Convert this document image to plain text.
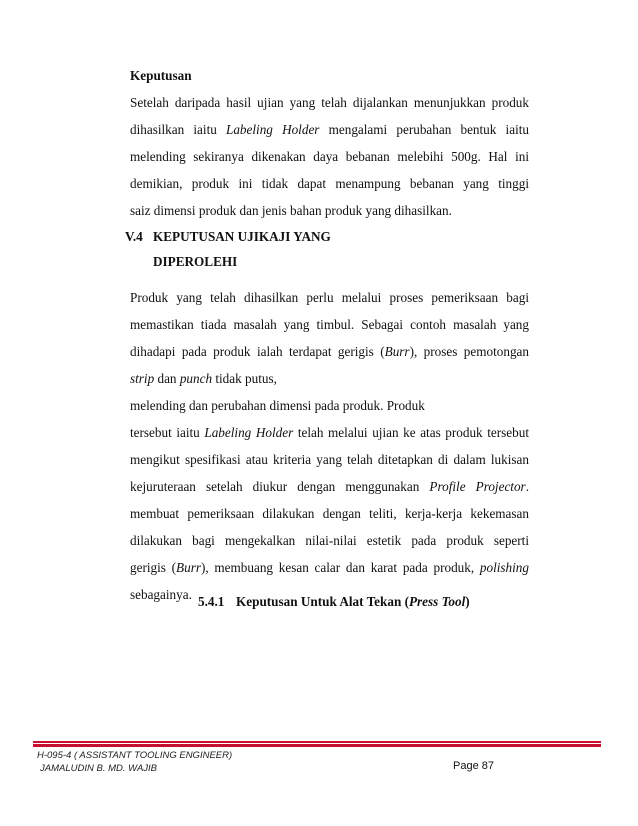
Keputusan
Setelah daripada hasil ujian yang telah dijalankan menunjukkan produk
dihasilkan iaitu Labeling Holder mengalami perubahan bentuk iaitu
melending sekiranya dikenakan daya bebanan melebihi 500g. Hal ini
demikian, produk ini tidak dapat menampung bebanan yang tinggi
saiz dimensi produk dan jenis bahan produk yang dihasilkan.
V.4 KEPUTUSAN UJIKAJI YANG
DIPEROLEHI
Produk yang telah dihasilkan perlu melalui proses pemeriksaan bagi
memastikan tiada masalah yang timbul. Sebagai contoh masalah yang
dihadapi pada produk ialah terdapat gerigis (Burr), proses pemotongan
strip dan punch tidak putus,
melending dan perubahan dimensi pada produk. Produk
tersebut iaitu Labeling Holder telah melalui ujian ke atas produk tersebut
mengikut spesifikasi atau kriteria yang telah ditetapkan di dalam lukisan
kejuruteraan setelah diukur dengan menggunakan Profile Projector.
membuat pemeriksaan dilakukan dengan teliti, kerja-kerja kekemasan
dilakukan bagi mengekalkan nilai-nilai estetik pada produk seperti
gerigis (Burr), membuang kesan calar dan karat pada produk, polishing
sebagainya. 5.4.1 Keputusan Untuk Alat Tekan (Press Tool)
H-095-4 ( ASSISTANT TOOLING ENGINEER)
JAMALUDIN B. MD. WAJIB	Page 87
